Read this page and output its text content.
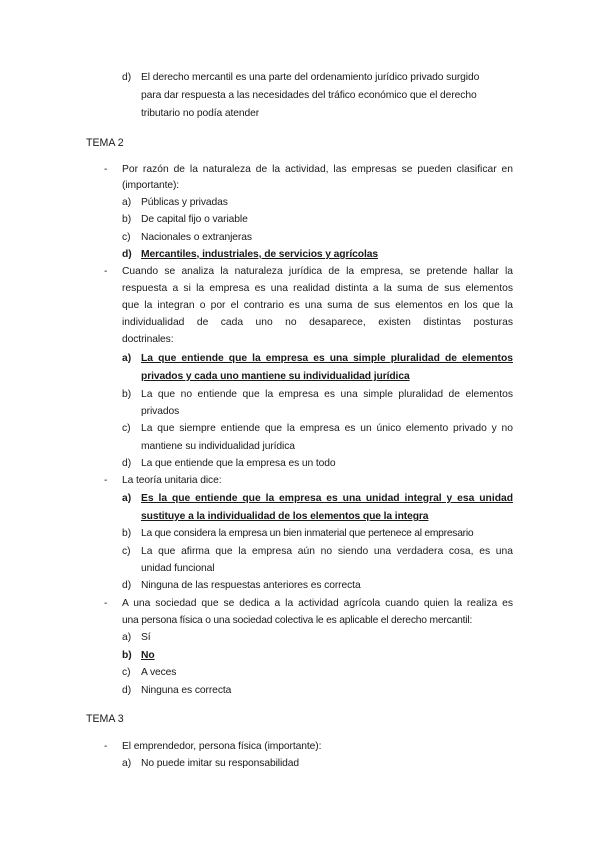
d) El derecho mercantil es una parte del ordenamiento jurídico privado surgido
para dar respuesta a las necesidades del tráfico económico que el derecho
tributario no podía atender
TEMA 2
- Por razón de la naturaleza de la actividad, las empresas se pueden clasificar en
(importante):
a) Públicas y privadas
b) De capital fijo o variable
c) Nacionales o extranjeras
d) Mercantiles, industriales, de servicios y agrícolas
- Cuando se analiza la naturaleza jurídica de la empresa, se pretende hallar la
respuesta a si la empresa es una realidad distinta a la suma de sus elementos
que la integran o por el contrario es una suma de sus elementos en los que la
individualidad de cada uno no desaparece, existen distintas posturas
doctrinales:
a) La que entiende que la empresa es una simple pluralidad de elementos
privados y cada uno mantiene su individualidad jurídica
b) La que no entiende que la empresa es una simple pluralidad de elementos
privados
c) La que siempre entiende que la empresa es un único elemento privado y no
mantiene su individualidad jurídica
d) La que entiende que la empresa es un todo
- La teoría unitaria dice:
a) Es la que entiende que la empresa es una unidad integral y esa unidad
sustituye a la individualidad de los elementos que la integra
b) La que considera la empresa un bien inmaterial que pertenece al empresario
c) La que afirma que la empresa aún no siendo una verdadera cosa, es una
unidad funcional
d) Ninguna de las respuestas anteriores es correcta
- A una sociedad que se dedica a la actividad agrícola cuando quien la realiza es
una persona física o una sociedad colectiva le es aplicable el derecho mercantil:
a) Sí
b) No
c) A veces
d) Ninguna es correcta
TEMA 3
- El emprendedor, persona física (importante):
a) No puede imitar su responsabilidad
